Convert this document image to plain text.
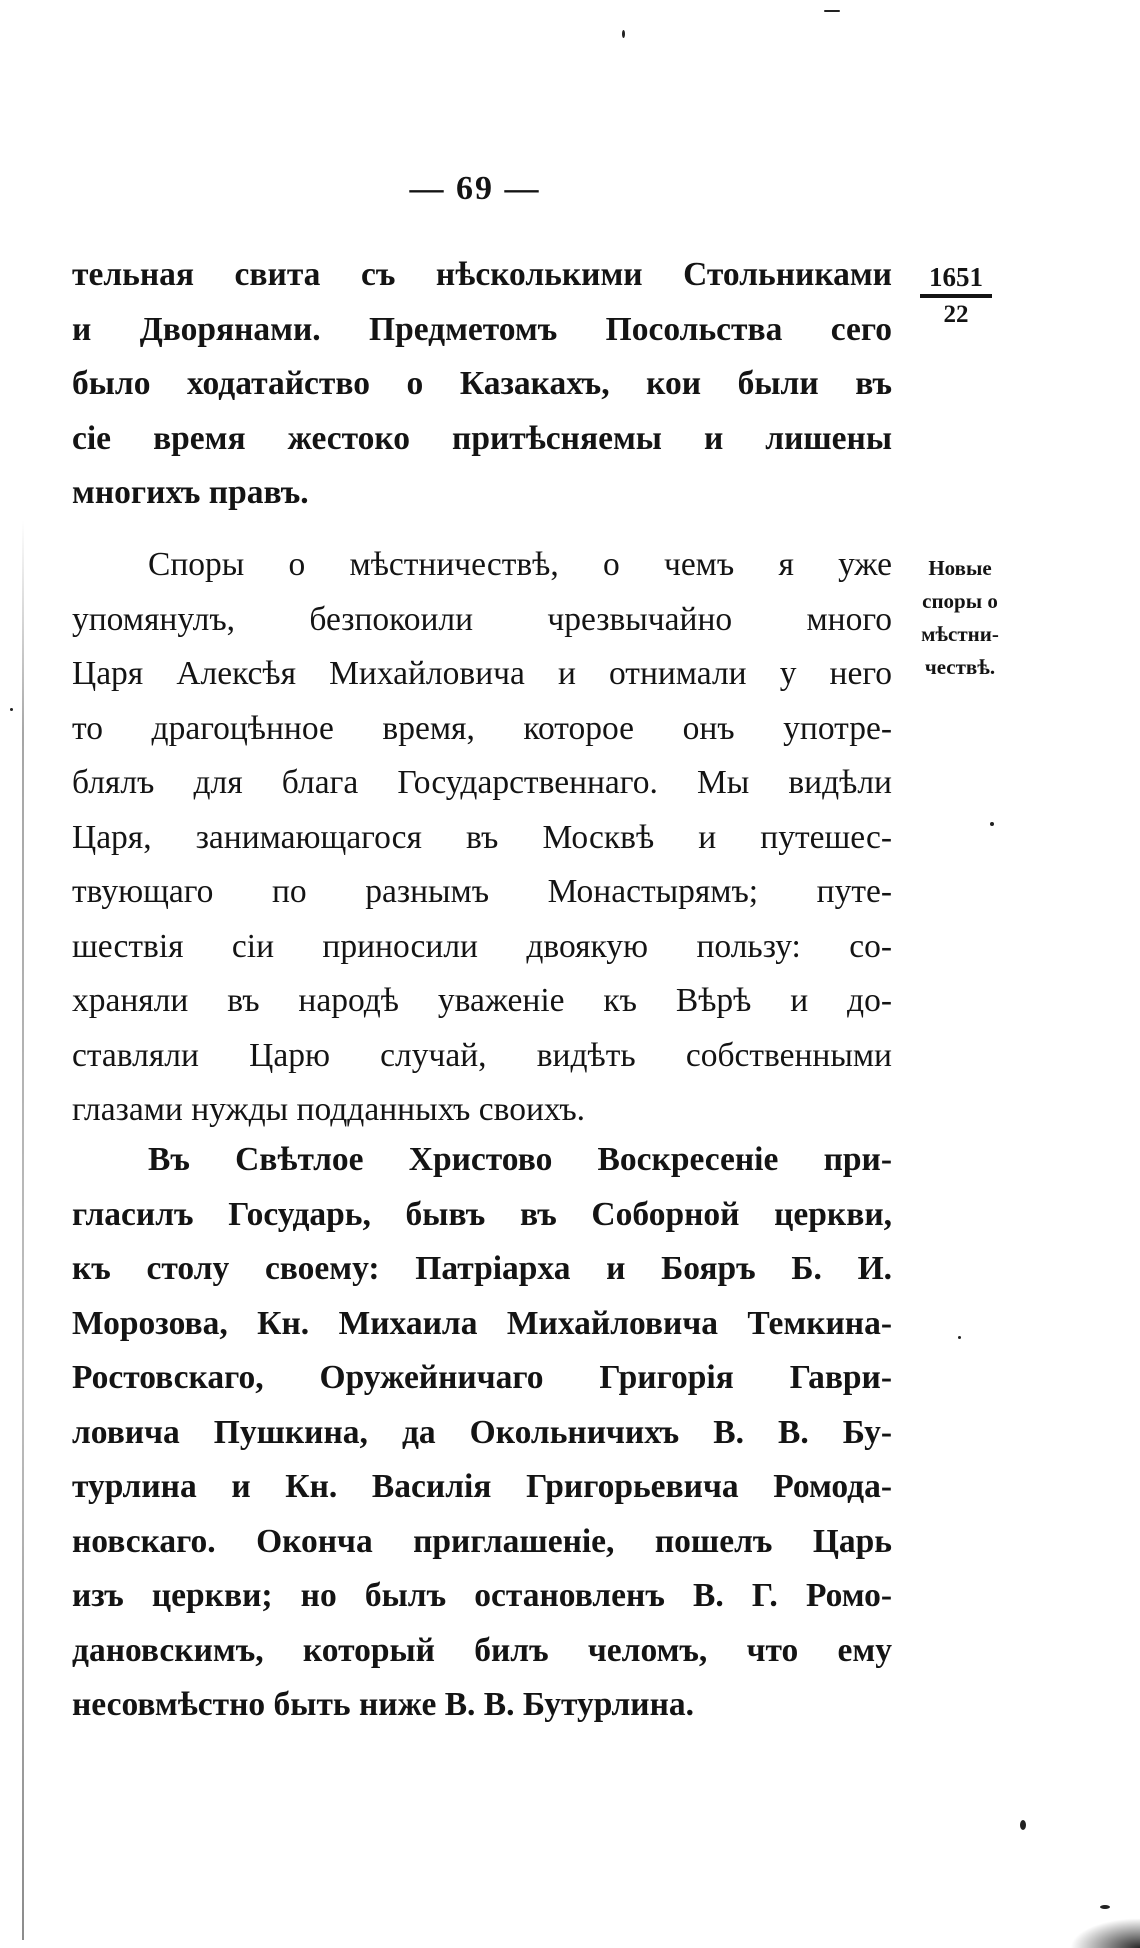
— 69 —
1651
22
Новые
споры о
мѣстни-
чествѣ.
тельная свита съ нѣсколькими Стольниками
и Дворянами. Предметомъ Посольства сего
было ходатайство о Казакахъ, кои были въ
сіе время жестоко притѣсняемы и лишены
многихъ правъ.
Споры о мѣстничествѣ, о чемъ я уже
упомянулъ, безпокоили чрезвычайно много
Царя Алексѣя Михайловича и отнимали у него
то драгоцѣнное время, которое онъ употре-
блялъ для блага Государственнаго. Мы видѣли
Царя, занимающагося въ Москвѣ и путешес-
твующаго по разнымъ Монастырямъ; путе-
шествія сіи приносили двоякую пользу: со-
храняли въ народѣ уваженіе къ Вѣрѣ и до-
ставляли Царю случай, видѣть собственными
глазами нужды подданныхъ своихъ.
Въ Свѣтлое Христово Воскресеніе при-
гласилъ Государь, бывъ въ Соборной церкви,
къ столу своему: Патріарха и Бояръ Б. И.
Морозова, Кн. Михаила Михайловича Темкина-
Ростовскаго, Оружейничаго Григорія Гаври-
ловича Пушкина, да Окольничихъ В. В. Бу-
турлина и Кн. Василія Григорьевича Ромода-
новскаго. Окончa приглашеніе, пошелъ Царь
изъ церкви; но былъ остановленъ В. Г. Ромо-
дановскимъ, который билъ челомъ, что ему
несовмѣстно быть ниже В. В. Бутурлина.
